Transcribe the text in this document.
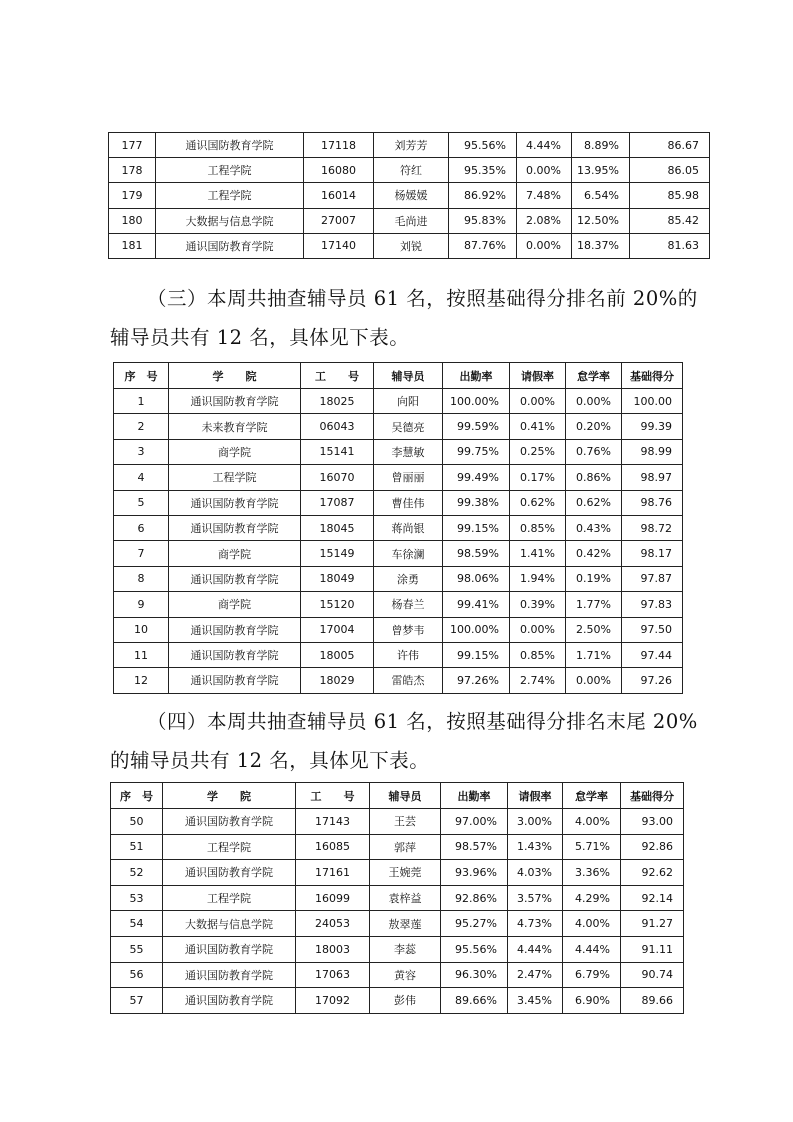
177	通识国防教育学院	17118	刘芳芳	95.56%	4.44%	8.89%	86.67
178	工程学院	16080	符红	95.35%	0.00%	13.95%	86.05
179	工程学院	16014	杨媛媛	86.92%	7.48%	6.54%	85.98
180	大数据与信息学院	27007	毛尚进	95.83%	2.08%	12.50%	85.42
181	通识国防教育学院	17140	刘锐	87.76%	0.00%	18.37%	81.63

（三）本周共抽查辅导员 61 名，按照基础得分排名前 20%的辅导员共有 12 名，具体见下表。

序　号	学　　院	工　　号	辅导员	出勤率	请假率	怠学率	基础得分
1	通识国防教育学院	18025	向阳	100.00%	0.00%	0.00%	100.00
2	未来教育学院	06043	吴德亮	99.59%	0.41%	0.20%	99.39
3	商学院	15141	李慧敏	99.75%	0.25%	0.76%	98.99
4	工程学院	16070	曾丽丽	99.49%	0.17%	0.86%	98.97
5	通识国防教育学院	17087	曹佳伟	99.38%	0.62%	0.62%	98.76
6	通识国防教育学院	18045	蒋尚银	99.15%	0.85%	0.43%	98.72
7	商学院	15149	车徐澜	98.59%	1.41%	0.42%	98.17
8	通识国防教育学院	18049	涂勇	98.06%	1.94%	0.19%	97.87
9	商学院	15120	杨春兰	99.41%	0.39%	1.77%	97.83
10	通识国防教育学院	17004	曾梦韦	100.00%	0.00%	2.50%	97.50
11	通识国防教育学院	18005	许伟	99.15%	0.85%	1.71%	97.44
12	通识国防教育学院	18029	雷皓杰	97.26%	2.74%	0.00%	97.26

（四）本周共抽查辅导员 61 名，按照基础得分排名末尾 20%的辅导员共有 12 名，具体见下表。

序　号	学　　院	工　　号	辅导员	出勤率	请假率	怠学率	基础得分
50	通识国防教育学院	17143	王芸	97.00%	3.00%	4.00%	93.00
51	工程学院	16085	郭萍	98.57%	1.43%	5.71%	92.86
52	通识国防教育学院	17161	王婉莞	93.96%	4.03%	3.36%	92.62
53	工程学院	16099	袁梓益	92.86%	3.57%	4.29%	92.14
54	大数据与信息学院	24053	敖翠莲	95.27%	4.73%	4.00%	91.27
55	通识国防教育学院	18003	李蕊	95.56%	4.44%	4.44%	91.11
56	通识国防教育学院	17063	黄容	96.30%	2.47%	6.79%	90.74
57	通识国防教育学院	17092	彭伟	89.66%	3.45%	6.90%	89.66
